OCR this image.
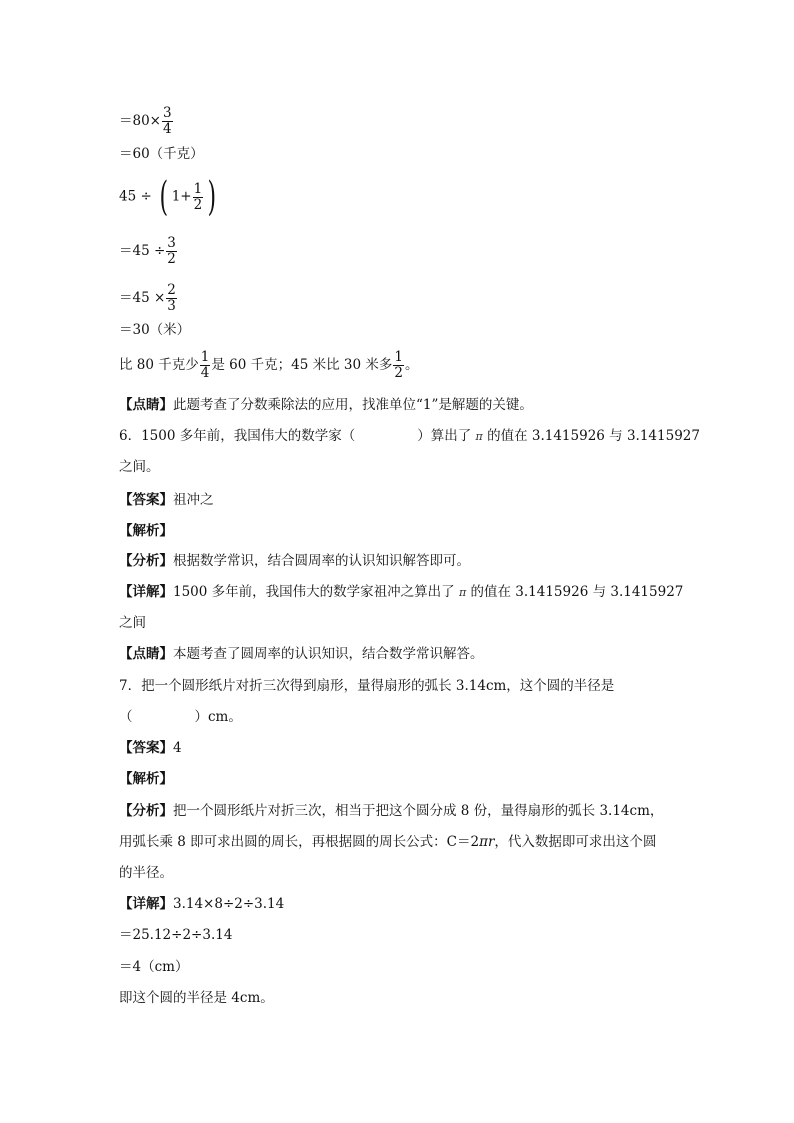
$=80\times \frac{3}{4}$
＝60（千克）
45 ÷ ( $1+ \frac{1}{2}$ )
$=45 \div \frac{3}{2}$
$=45 \times \frac{2}{3}$
＝30（米）
比 80 千克少 $\frac{1}{4}$ 是 60 千克；45 米比 30 米多 $\frac{1}{2}$ 。
【点睛】此题考查了分数乘除法的应用，找准单位“1”是解题的关键。
6．1500 多年前，我国伟大的数学家（	）算出了 π 的值在 3.1415926 与 3.1415927
之间。
【答案】祖冲之
【解析】
【分析】根据数学常识，结合圆周率的认识知识解答即可。
【详解】1500 多年前，我国伟大的数学家祖冲之算出了 π 的值在 3.1415926 与 3.1415927
之间
【点睛】本题考查了圆周率的认识知识，结合数学常识解答。
7．把一个圆形纸片对折三次得到扇形，量得扇形的弧长 3.14cm，这个圆的半径是
（	）cm。
【答案】4
【解析】
【分析】把一个圆形纸片对折三次，相当于把这个圆分成 8 份，量得扇形的弧长 3.14cm，
用弧长乘 8 即可求出圆的周长，再根据圆的周长公式：C＝2πr，代入数据即可求出这个圆
的半径。
【详解】3.14×8÷2÷3.14
＝25.12÷2÷3.14
＝4（cm）
即这个圆的半径是 4cm。
